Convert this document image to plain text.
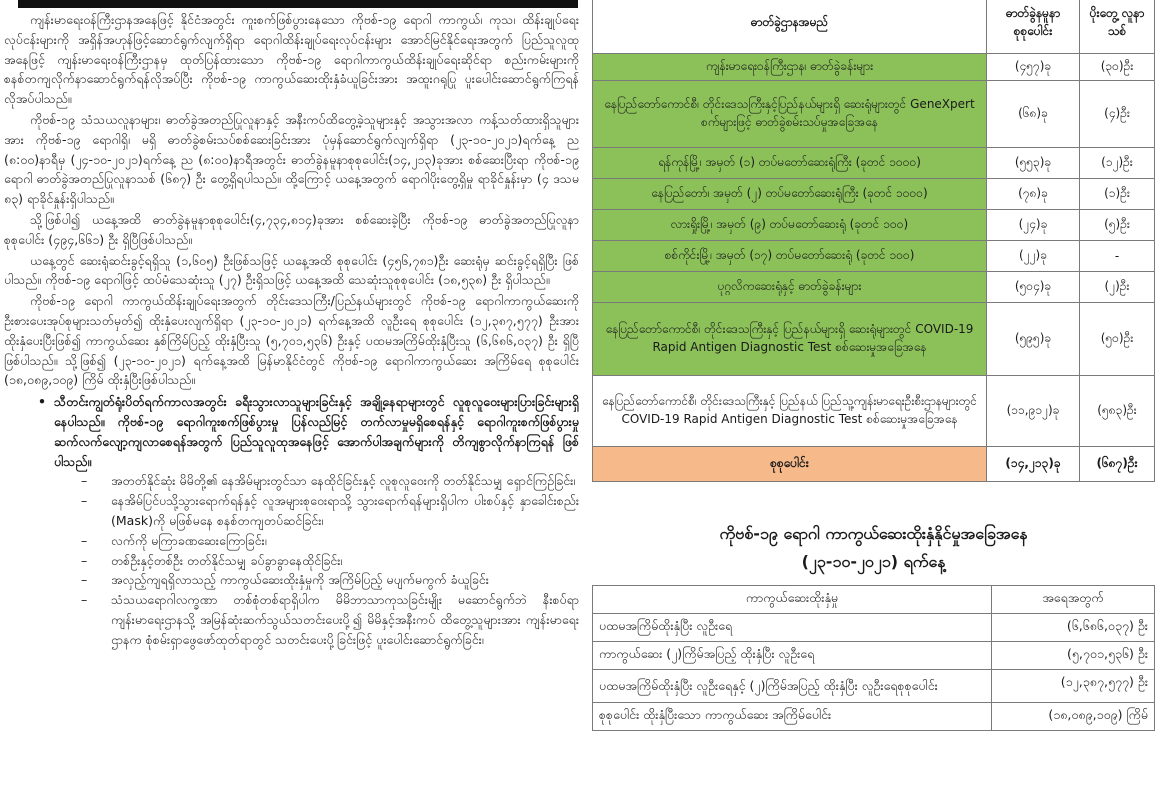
ကျန်းမာရေးဝန်ကြီးဌာနအနေဖြင့် နိုင်ငံအတွင်း ကူးစက်ဖြစ်ပွားနေသော ကိုဗစ်-၁၉ ရောဂါ ကာကွယ်၊ ကုသ၊ ထိန်းချုပ်ရေးလုပ်ငန်းများကို အရှိန်အဟုန်ဖြင့်ဆောင်ရွက်လျက်ရှိရာ ရောဂါထိန်းချုပ်ရေးလုပ်ငန်းများ အောင်မြင်နိုင်ရေးအတွက် ပြည်သူလူထုအနေဖြင့် ကျန်းမာရေးဝန်ကြီးဌာနမှ ထုတ်ပြန်ထားသော ကိုဗစ်-၁၉ ရောဂါကာကွယ်ထိန်းချုပ်ရေးဆိုင်ရာ စည်းကမ်းများကို စနစ်တကျလိုက်နာဆောင်ရွက်ရန်လိုအပ်ပြီး ကိုဗစ်-၁၉ ကာကွယ်ဆေးထိုးနှံခံယူခြင်းအား အထူးဂရုပြု ပူးပေါင်းဆောင်ရွက်ကြရန် လိုအပ်ပါသည်။

ကိုဗစ်-၁၉ သံသယလူနာများ၊ ဓာတ်ခွဲအတည်ပြုလူနာနှင့် အနီးကပ်ထိတွေ့ခဲ့သူများနှင့် အသွားအလာ ကန့်သတ်ထားရှိသူများအား ကိုဗစ်-၁၉ ရောဂါရှိ၊ မရှိ ဓာတ်ခွဲစမ်းသပ်စစ်ဆေးခြင်းအား ပုံမှန်ဆောင်ရွက်လျက်ရှိရာ (၂၃-၁၀-၂၀၂၁)ရက်နေ့ ည (၈:၀၀)နာရီမှ (၂၄-၁၀-၂၀၂၁)ရက်နေ့ ည (၈:၀၀)နာရီအတွင်း ဓာတ်ခွဲနမူနာစုစုပေါင်း(၁၄,၂၁၃)ခုအား စစ်ဆေးပြီးရာ ကိုဗစ်-၁၉ ရောဂါ ဓာတ်ခွဲအတည်ပြုလူနာသစ် (၆၈၇) ဦး တွေ့ရှိရပါသည်။ ထို့ကြောင့် ယနေ့အတွက် ရောဂါပိုးတွေ့ရှိမှု ရာခိုင်နှုန်းမှာ (၄ ဒသမ ၈၃) ရာခိုင်နှုန်းရှိပါသည်။

သို့ဖြစ်ပါ၍ ယနေ့အထိ ဓာတ်ခွဲနမူနာစုစုပေါင်း(၄,၇၃၄,၈၁၄)ခုအား စစ်ဆေးခဲ့ပြီး ကိုဗစ်-၁၉ ဓာတ်ခွဲအတည်ပြုလူနာ စုစုပေါင်း (၄၉၄,၆၆၁) ဦး ရှိပြီဖြစ်ပါသည်။

ယနေ့တွင် ဆေးရုံဆင်းခွင့်ရရှိသူ (၁,၆၀၅) ဦးဖြစ်သဖြင့် ယနေ့အထိ စုစုပေါင်း (၄၅၆,၇၈၁)ဦး ဆေးရုံမှ ဆင်းခွင့်ရရှိပြီး ဖြစ်ပါသည်။ ကိုဗစ်-၁၉ ရောဂါဖြင့် ထပ်မံသေဆုံးသူ (၂၇) ဦးရှိသဖြင့် ယနေ့အထိ သေဆုံးသူစုစုပေါင်း (၁၈,၅၃၈) ဦး ရှိပါသည်။

ကိုဗစ်-၁၉ ရောဂါ ကာကွယ်ထိန်းချုပ်ရေးအတွက် တိုင်းဒေသကြီး/ပြည်နယ်များတွင် ကိုဗစ်-၁၉ ရောဂါကာကွယ်ဆေးကို ဦးစားပေးအုပ်စုများသတ်မှတ်၍ ထိုးနှံပေးလျက်ရှိရာ (၂၃-၁၀-၂၀၂၁) ရက်နေ့အထိ လူဦးရေ စုစုပေါင်း (၁၂,၃၈၇,၅၇၇) ဦးအား ထိုးနှံပေးပြီးဖြစ်၍ ကာကွယ်ဆေး နှစ်ကြိမ်ပြည့် ထိုးနှံပြီးသူ (၅,၇၀၁,၅၃၆) ဦးနှင့် ပထမအကြိမ်ထိုးနှံပြီးသူ (၆,၆၈၆,၀၃၇) ဦး ရှိပြီဖြစ်ပါသည်။ သို့ဖြစ်၍ (၂၃-၁၀-၂၀၂၁) ရက်နေ့အထိ မြန်မာနိုင်ငံတွင် ကိုဗစ်-၁၉ ရောဂါကာကွယ်ဆေး အကြိမ်ရေ စုစုပေါင်း (၁၈,၀၈၉,၁၀၉) ကြိမ် ထိုးနှံပြီးဖြစ်ပါသည်။

• သီတင်းကျွတ်ရုံးပိတ်ရက်ကာလအတွင်း ခရီးသွားလာသူများခြင်းနှင့် အချို့နေရာများတွင် လူစုလူဝေးများပြားခြင်းများရှိနေပါသည်။ ကိုဗစ်-၁၉ ရောဂါကူးစက်ဖြစ်ပွားမှု ပြန်လည်မြင့် တက်လာမှုမရှိစေရန်နှင့် ရောဂါကူးစက်ဖြစ်ပွားမှု ဆက်လက်လျော့ကျလာစေရန်အတွက် ပြည်သူလူထုအနေဖြင့် အောက်ပါအချက်များကို တိကျစွာလိုက်နာကြရန် ဖြစ်ပါသည်။
– အတတ်နိုင်ဆုံး မိမိတို့၏ နေအိမ်များတွင်သာ နေထိုင်ခြင်းနှင့် လူစုလူဝေးကို တတ်နိုင်သမျှ ရှောင်ကြဉ်ခြင်း၊
– နေအိမ်ပြင်ပသို့သွားရောက်ရန်နှင့် လူအများစုဝေးရာသို့ သွားရောက်ရန်များရှိပါက ပါးစပ်နှင့် နှာခေါင်းစည်း (Mask)ကို မဖြစ်မနေ စနစ်တကျတပ်ဆင်ခြင်း၊
– လက်ကို မကြာခဏဆေးကြောခြင်း၊
– တစ်ဦးနှင့်တစ်ဦး တတ်နိုင်သမျှ ခပ်ခွာခွာနေထိုင်ခြင်း၊
– အလှည့်ကျရရှိလာသည့် ကာကွယ်ဆေးထိုးနှံမှုကို အကြိမ်ပြည့် မပျက်မကွက် ခံယူခြင်း
– သံသယရောဂါလက္ခဏာ တစ်စုံတစ်ရာရှိပါက မိမိဘာသာကုသခြင်းမျိုး မဆောင်ရွက်ဘဲ နီးစပ်ရာကျန်းမာရေးဌာနသို့ အမြန်ဆုံးဆက်သွယ်သတင်းပေးပို့၍ မိမိနှင့်အနီးကပ် ထိတွေ့သူများအား ကျန်းမာရေးဌာနက စုံစမ်းရှာဖွေဖော်ထုတ်ရာတွင် သတင်းပေးပို့ခြင်းဖြင့် ပူးပေါင်းဆောင်ရွက်ခြင်း၊
ဓာတ်ခွဲဌာနအမည်	ဓာတ်ခွဲနမူနာ စုစုပေါင်း	ပိုးတွေ့ လူနာသစ်
ကျန်းမာရေးဝန်ကြီးဌာန၊ ဓာတ်ခွဲခန်းများ	(၄၅၇)ခု	(၃၀)ဦး
နေပြည်တော်ကောင်စီ၊ တိုင်းဒေသကြီးနှင့်ပြည်နယ်များရှိ ဆေးရုံများတွင် GeneXpert စက်များဖြင့် ဓာတ်ခွဲစမ်းသပ်မှုအခြေအနေ	(၆၈)ခု	(၄)ဦး
ရန်ကုန်မြို့၊ အမှတ် (၁) တပ်မတော်ဆေးရုံကြီး (ခုတင် ၁၀၀၀)	(၅၅၃)ခု	(၁၂)ဦး
နေပြည်တော်၊ အမှတ် (၂) တပ်မတော်ဆေးရုံကြီး (ခုတင် ၁၀၀၀)	(၇၈)ခု	(၁)ဦး
လားရှိုးမြို့၊ အမှတ် (၉) တပ်မတော်ဆေးရုံ (ခုတင် ၁၀၀)	(၂၄)ခု	(၅)ဦး
စစ်ကိုင်းမြို့၊ အမှတ် (၁၇) တပ်မတော်ဆေးရုံ (ခုတင် ၁၀၀)	(၂၂)ခု	-
ပုဂ္ဂလိကဆေးရုံနှင့် ဓာတ်ခွဲခန်းများ	(၅၀၄)ခု	(၂)ဦး
နေပြည်တော်ကောင်စီ၊ တိုင်းဒေသကြီးနှင့် ပြည်နယ်များရှိ ဆေးရုံများတွင် COVID-19 Rapid Antigen Diagnostic Test စစ်ဆေးမှုအခြေအနေ	(၅၉၅)ခု	(၅၀)ဦး
နေပြည်တော်ကောင်စီ၊ တိုင်းဒေသကြီးနှင့် ပြည်နယ် ပြည်သူ့ကျန်းမာရေးဦးစီးဌာနများတွင် COVID-19 Rapid Antigen Diagnostic Test စစ်ဆေးမှုအခြေအနေ	(၁၁,၉၁၂)ခု	(၅၈၃)ဦး
စုစုပေါင်း	(၁၄,၂၁၃)ခု	(၆၈၇)ဦး
ကိုဗစ်-၁၉ ရောဂါ ကာကွယ်ဆေးထိုးနှံနိုင်မှုအခြေအနေ
(၂၃-၁၀-၂၀၂၁) ရက်နေ့
ကာကွယ်ဆေးထိုးနှံမှု	အရေအတွက်
ပထမအကြိမ်ထိုးနှံပြီး လူဦးရေ	(၆,၆၈၆,၀၃၇) ဦး
ကာကွယ်ဆေး (၂)ကြိမ်အပြည့် ထိုးနှံပြီး လူဦးရေ	(၅,၇၀၁,၅၃၆) ဦး
ပထမအကြိမ်ထိုးနှံပြီး လူဦးရေနှင့် (၂)ကြိမ်အပြည့် ထိုးနှံပြီး လူဦးရေစုစုပေါင်း	(၁၂,၃၈၇,၅၇၇) ဦး
စုစုပေါင်း ထိုးနှံပြီးသော ကာကွယ်ဆေး အကြိမ်ပေါင်း	(၁၈,၀၈၉,၁၀၉) ကြိမ်
